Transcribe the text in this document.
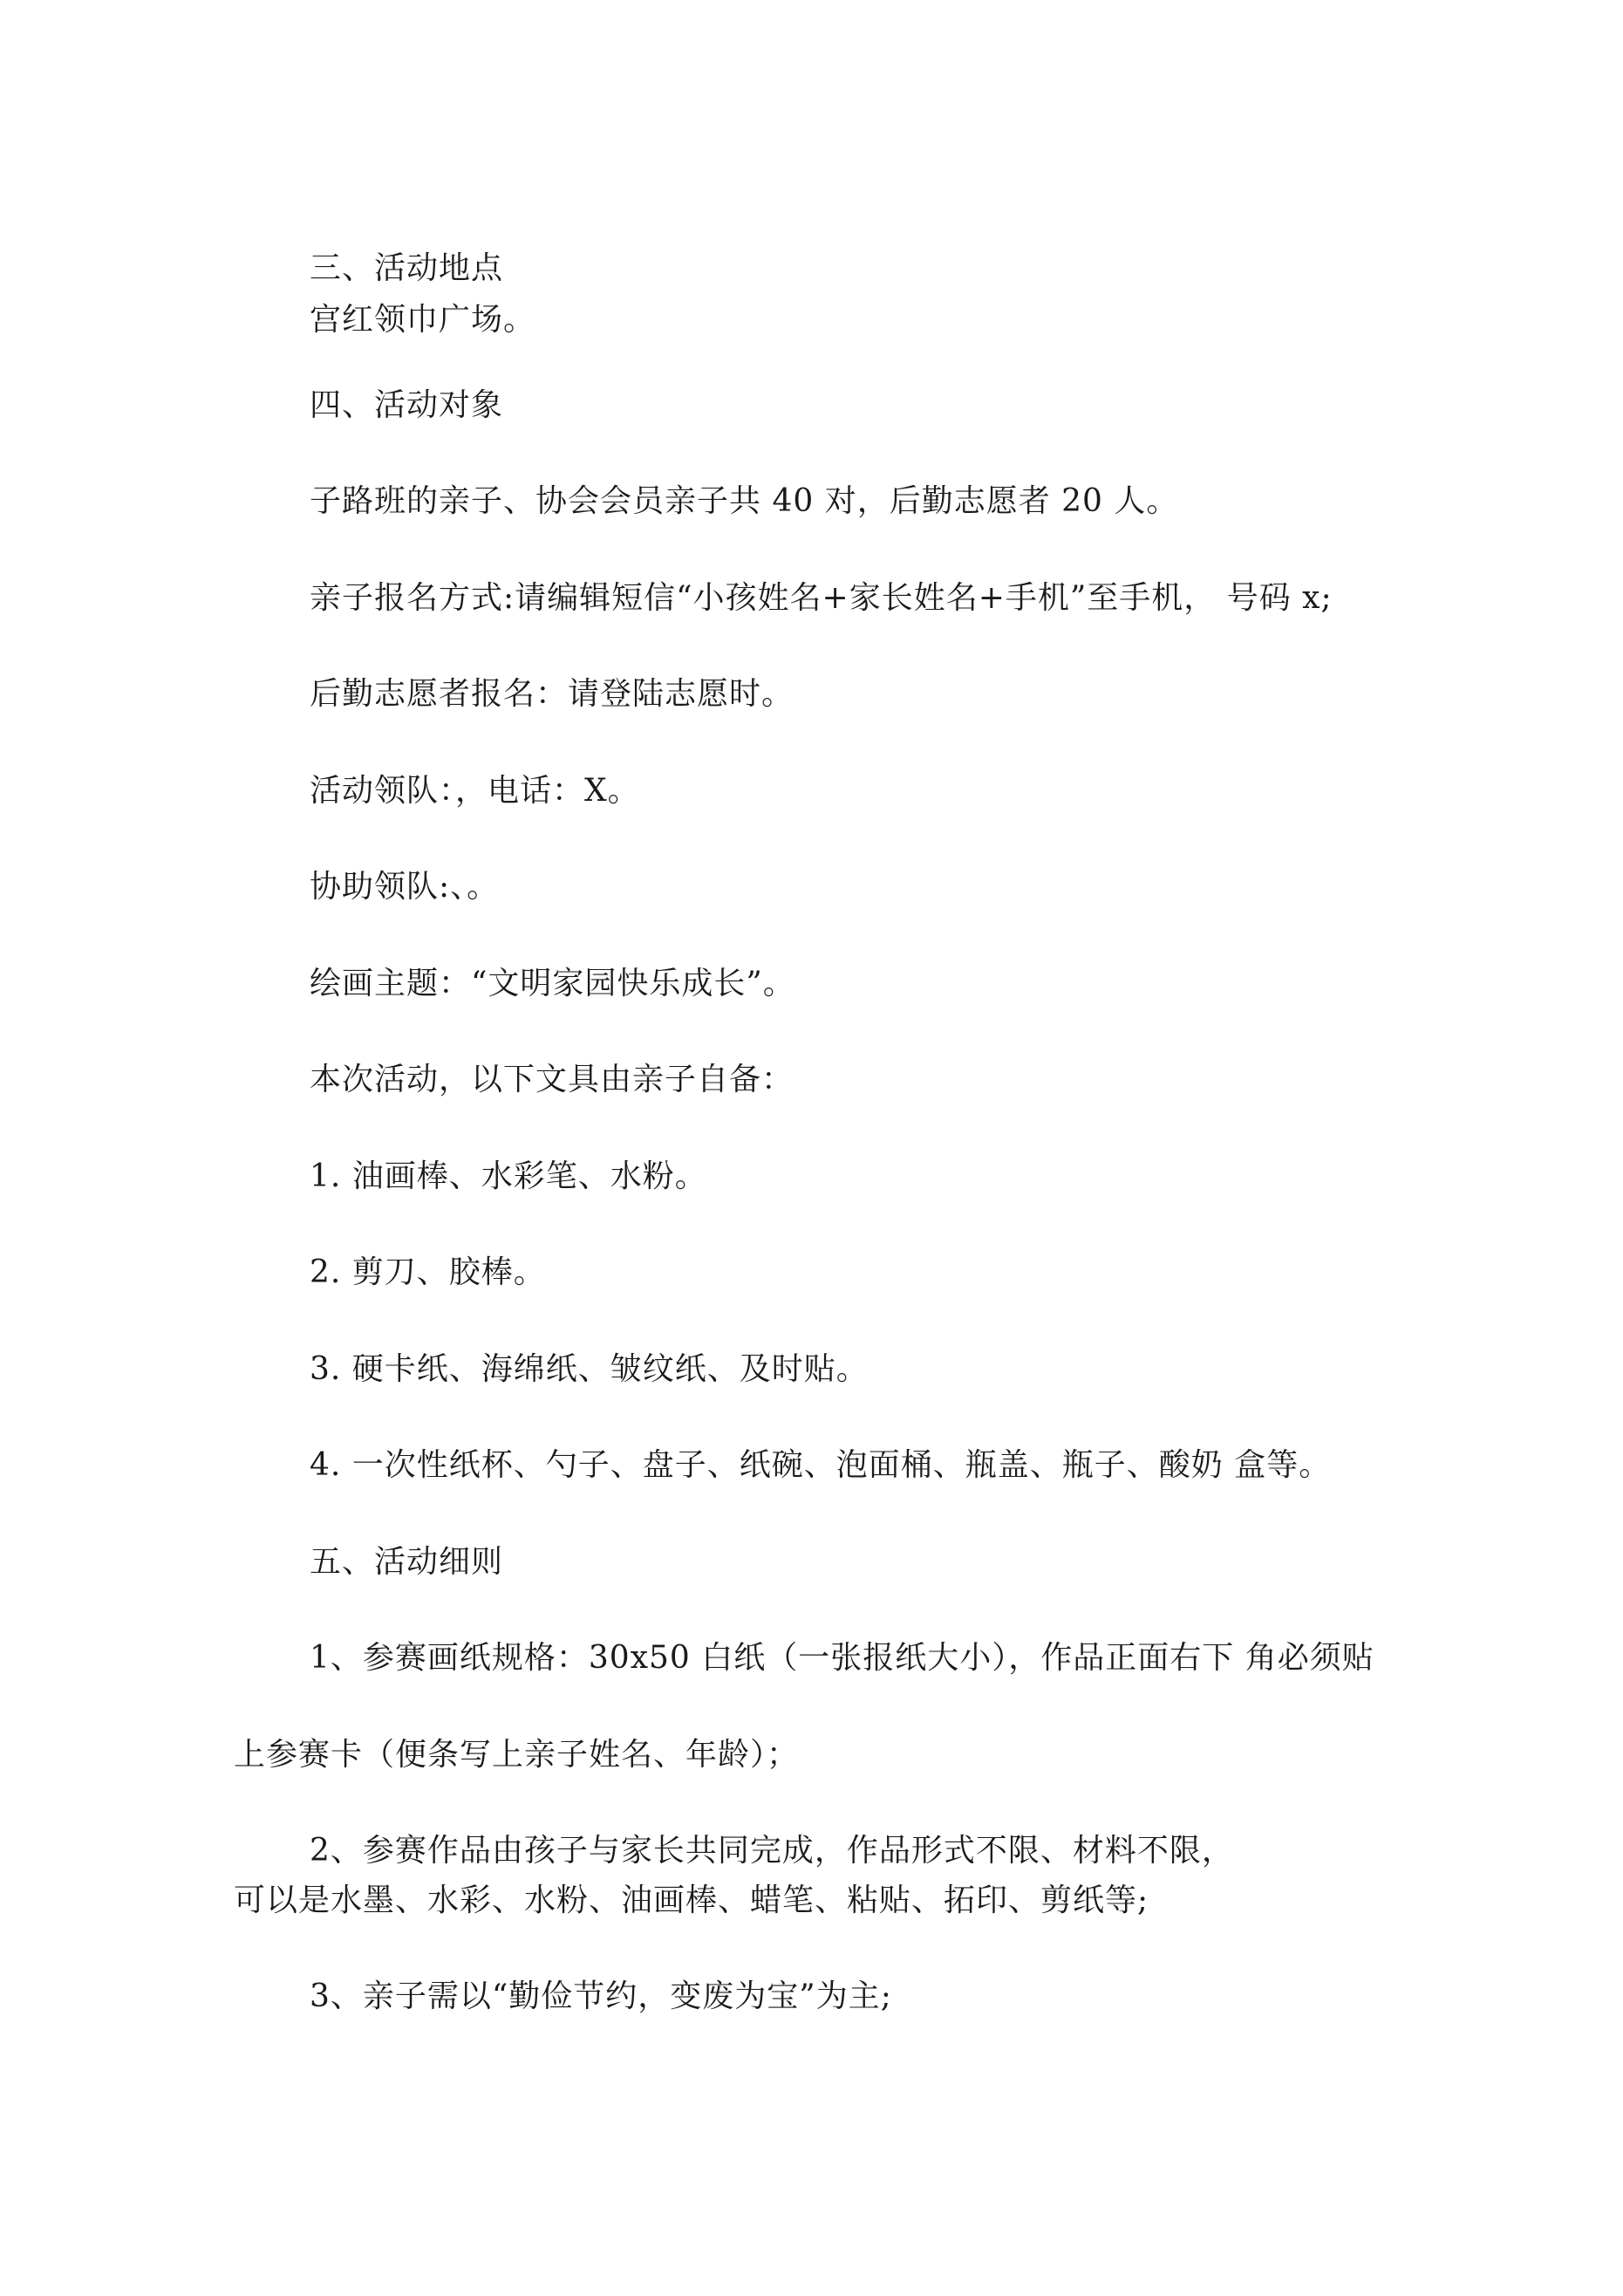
三、活动地点

宫红领巾广场。

四、活动对象

子路班的亲子、协会会员亲子共 40 对，后勤志愿者 20 人。

亲子报名方式:请编辑短信“小孩姓名+家长姓名+手机”至手机， 号码 x;

后勤志愿者报名：请登陆志愿时。

活动领队：，电话：X。

协助领队:、。

绘画主题：“文明家园快乐成长”。

本次活动，以下文具由亲子自备：

1. 油画棒、水彩笔、水粉。

2. 剪刀、胶棒。

3. 硬卡纸、海绵纸、皱纹纸、及时贴。

4. 一次性纸杯、勺子、盘子、纸碗、泡面桶、瓶盖、瓶子、酸奶 盒等。

五、活动细则

1、参赛画纸规格：30x50 白纸（一张报纸大小），作品正面右下 角必须贴

上参赛卡（便条写上亲子姓名、年龄）；

2、参赛作品由孩子与家长共同完成，作品形式不限、材料不限，

可以是水墨、水彩、水粉、油画棒、蜡笔、粘贴、拓印、剪纸等;

3、亲子需以“勤俭节约，变废为宝”为主;
